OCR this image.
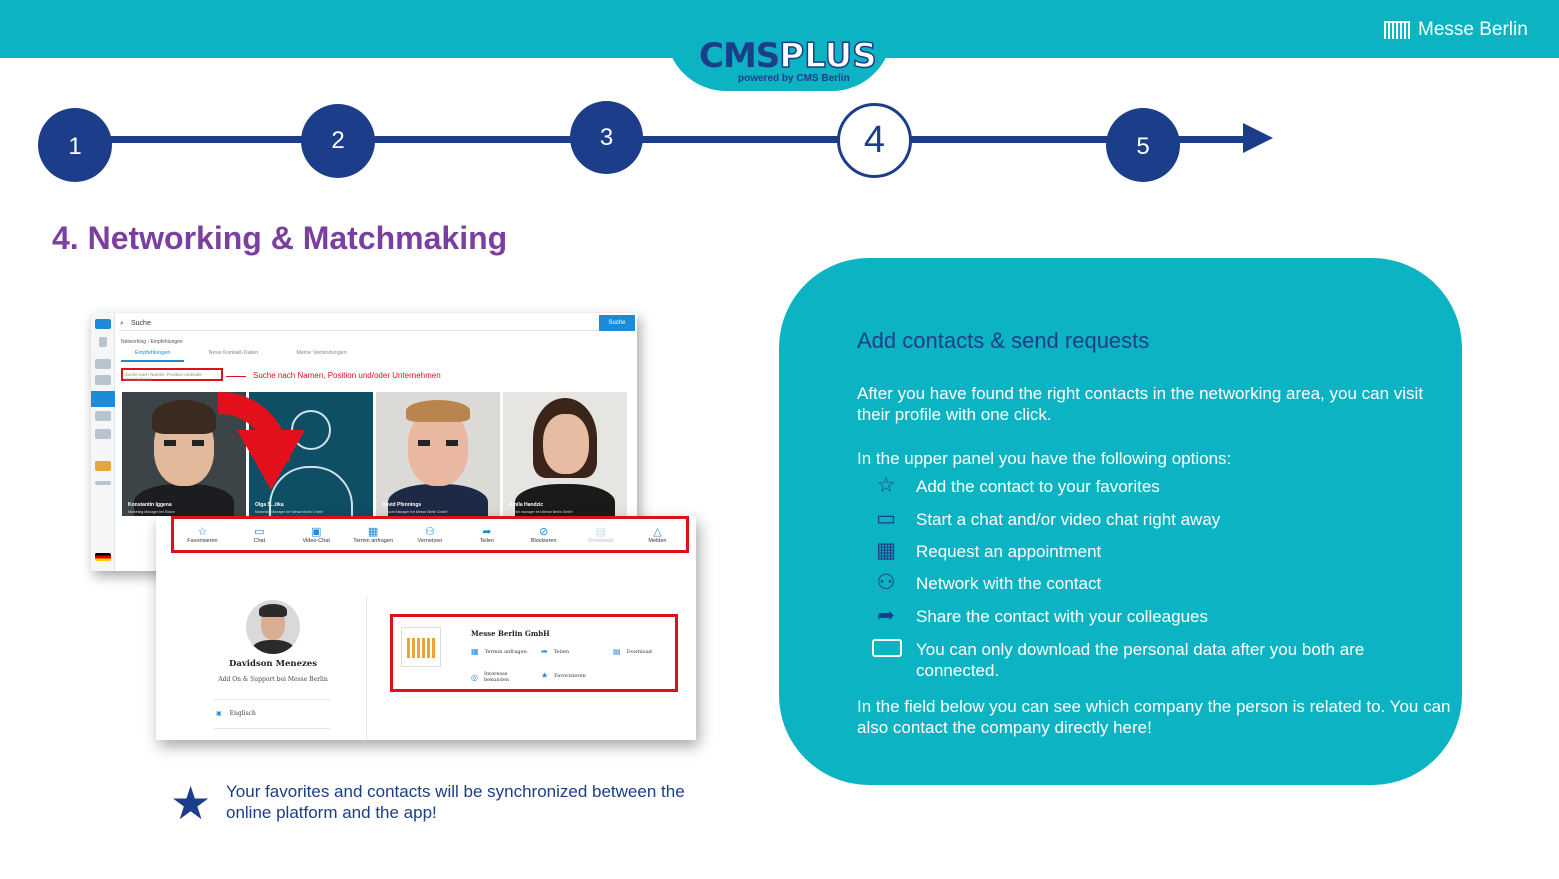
CMSPLUS
powered by CMS Berlin
Messe Berlin
1	2	3	4	5
4. Networking & Matchmaking
⌕ Suche	Suche
Networking › Empfehlungen
Empfehlungen	Neue Kontakt-Daten	Meine Verbindungen
Suche nach Namen, Position und/oder Unternehmen	Suche nach Namen, Position und/oder Unternehmen
Konstantin Iggena
Marketing Manager bei Eldom
Olga S...itka
Marketing Manager bei Messe Berlin GmbH
David Pfennings
Account Manager bei Messe Berlin GmbH
Amila Handzic
Branch manager bei Messe Berlin GmbH
☆
Favorisieren
▭
Chat
▣
Video-Chat
▦
Termin anfragen
⚇
Vernetzen
➦
Teilen
⊘
Blockieren
▤
Download
△
Melden
Davidson Menezes
Add On & Support bei Messe Berlin
▣ Englisch
Messe Berlin GmbH
▦ Termin anfragen ➦ Teilen	▤ Download
◎ Interesse bekunden	★ Favorisieren
★ Your favorites and contacts will be synchronized between the online platform and the app!
Add contacts & send requests
After you have found the right contacts in the networking area, you can visit their profile with one click.
In the upper panel you have the following options:
☆ Add the contact to your favorites
▭ Start a chat and/or video chat right away
▦ Request an appointment
⚇ Network with the contact
➦	Share the contact with your colleagues
You can only download the personal data after you both are connected.
In the field below you can see which company the person is related to. You can also contact the company directly here!
